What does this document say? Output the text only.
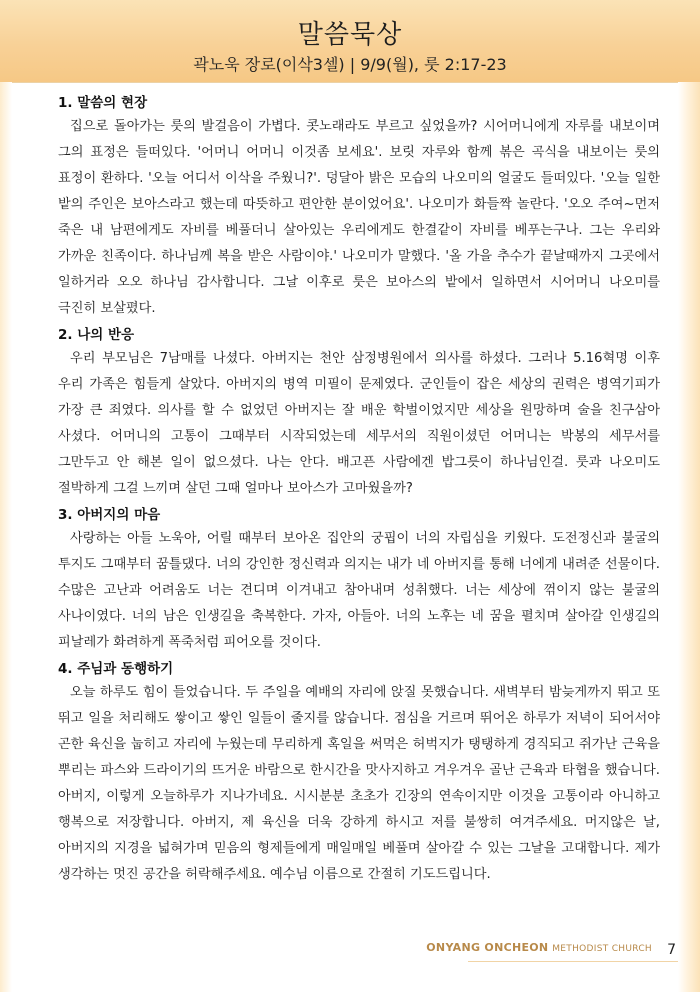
말씀묵상
곽노욱 장로(이삭3셀) | 9/9(월), 룻 2:17-23

1. 말씀의 현장

집으로 돌아가는 룻의 발걸음이 가볍다. 콧노래라도 부르고 싶었을까? 시어머니에게 자루를 내보이며 그의 표정은 들떠있다. '어머니 어머니 이것좀 보세요'. 보릿 자루와 함께 볶은 곡식을 내보이는 룻의 표정이 환하다. '오늘 어디서 이삭을 주웠니?'. 덩달아 밝은 모습의 나오미의 얼굴도 들떠있다. '오늘 일한 밭의 주인은 보아스라고 했는데 따뜻하고 편안한 분이었어요'. 나오미가 화들짝 놀란다. '오오 주여~먼저 죽은 내 남편에게도 자비를 베풀더니 살아있는 우리에게도 한결같이 자비를 베푸는구나. 그는 우리와 가까운 친족이다. 하나님께 복을 받은 사람이야.' 나오미가 말했다. '올 가을 추수가 끝날때까지 그곳에서 일하거라 오오 하나님 감사합니다. 그날 이후로 룻은 보아스의 밭에서 일하면서 시어머니 나오미를 극진히 보살폈다.

2. 나의 반응

우리 부모님은 7남매를 나셨다. 아버지는 천안 삼정병원에서 의사를 하셨다. 그러나 5.16혁명 이후 우리 가족은 힘들게 살았다. 아버지의 병역 미필이 문제였다. 군인들이 잡은 세상의 권력은 병역기피가 가장 큰 죄였다. 의사를 할 수 없었던 아버지는 잘 배운 학벌이었지만 세상을 원망하며 술을 친구삼아 사셨다. 어머니의 고통이 그때부터 시작되었는데 세무서의 직원이셨던 어머니는 박봉의 세무서를 그만두고 안 해본 일이 없으셨다. 나는 안다. 배고픈 사람에겐 밥그릇이 하나님인걸. 룻과 나오미도 절박하게 그걸 느끼며 살던 그때 얼마나 보아스가 고마웠을까?

3. 아버지의 마음

사랑하는 아들 노욱아, 어릴 때부터 보아온 집안의 궁핍이 너의 자립심을 키웠다. 도전정신과 불굴의 투지도 그때부터 꿈틀댔다. 너의 강인한 정신력과 의지는 내가 네 아버지를 통해 너에게 내려준 선물이다. 수많은 고난과 어려움도 너는 견디며 이겨내고 참아내며 성취했다. 너는 세상에 꺾이지 않는 불굴의 사나이였다. 너의 남은 인생길을 축복한다. 가자, 아들아. 너의 노후는 네 꿈을 펼치며 살아갈 인생길의 피날레가 화려하게 폭죽처럼 피어오를 것이다.

4. 주님과 동행하기

오늘 하루도 힘이 들었습니다. 두 주일을 예배의 자리에 앉질 못했습니다. 새벽부터 밤늦게까지 뛰고 또 뛰고 일을 처리해도 쌓이고 쌓인 일들이 줄지를 않습니다. 점심을 거르며 뛰어온 하루가 저녁이 되어서야 곤한 육신을 눕히고 자리에 누웠는데 무리하게 혹일을 써먹은 허벅지가 탱탱하게 경직되고 쥐가난 근육을 뿌리는 파스와 드라이기의 뜨거운 바람으로 한시간을 맛사지하고 겨우겨우 골난 근육과 타협을 했습니다. 아버지, 이렇게 오늘하루가 지나가네요. 시시분분 초초가 긴장의 연속이지만 이것을 고통이라 아니하고 행복으로 저장합니다. 아버지, 제 육신을 더욱 강하게 하시고 저를 불쌍히 여겨주세요. 머지않은 날, 아버지의 지경을 넓혀가며 믿음의 형제들에게 매일매일 베풀며 살아갈 수 있는 그날을 고대합니다. 제가 생각하는 멋진 공간을 허락해주세요. 예수님 이름으로 간절히 기도드립니다.

ONYANG ONCHEON METHODIST CHURCH 7
